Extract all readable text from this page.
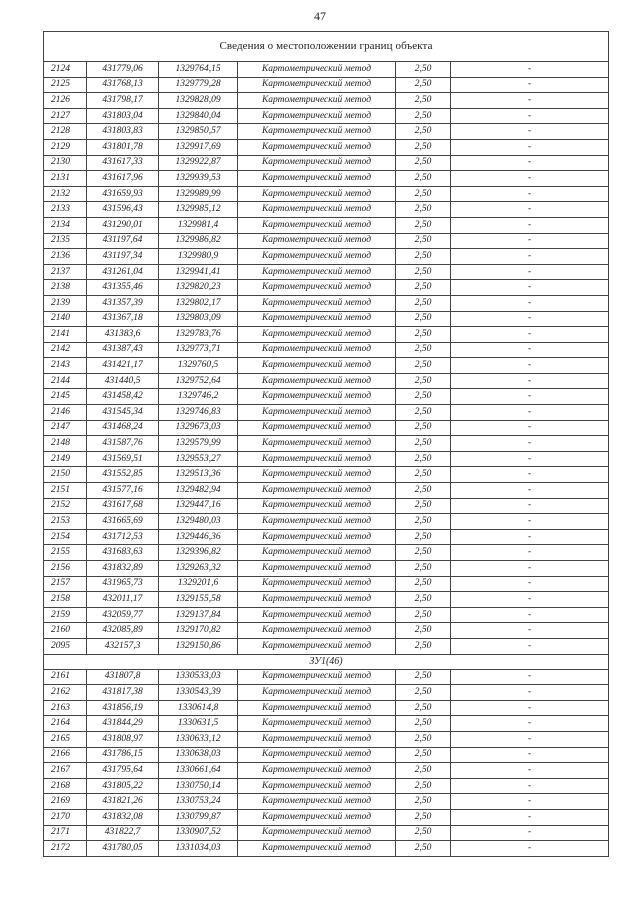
47
Сведения о местоположении границ объекта					
2124	431779,06	1329764,15	Картометрический метод	2,50	-
2125	431768,13	1329779,28	Картометрический метод	2,50	-
2126	431798,17	1329828,09	Картометрический метод	2,50	-
2127	431803,04	1329840,04	Картометрический метод	2,50	-
2128	431803,83	1329850,57	Картометрический метод	2,50	-
2129	431801,78	1329917,69	Картометрический метод	2,50	-
2130	431617,33	1329922,87	Картометрический метод	2,50	-
2131	431617,96	1329939,53	Картометрический метод	2,50	-
2132	431659,93	1329989,99	Картометрический метод	2,50	-
2133	431596,43	1329985,12	Картометрический метод	2,50	-
2134	431290,01	1329981,4	Картометрический метод	2,50	-
2135	431197,64	1329986,82	Картометрический метод	2,50	-
2136	431197,34	1329980,9	Картометрический метод	2,50	-
2137	431261,04	1329941,41	Картометрический метод	2,50	-
2138	431355,46	1329820,23	Картометрический метод	2,50	-
2139	431357,39	1329802,17	Картометрический метод	2,50	-
2140	431367,18	1329803,09	Картометрический метод	2,50	-
2141	431383,6	1329783,76	Картометрический метод	2,50	-
2142	431387,43	1329773,71	Картометрический метод	2,50	-
2143	431421,17	1329760,5	Картометрический метод	2,50	-
2144	431440,5	1329752,64	Картометрический метод	2,50	-
2145	431458,42	1329746,2	Картометрический метод	2,50	-
2146	431545,34	1329746,83	Картометрический метод	2,50	-
2147	431468,24	1329673,03	Картометрический метод	2,50	-
2148	431587,76	1329579,99	Картометрический метод	2,50	-
2149	431569,51	1329553,27	Картометрический метод	2,50	-
2150	431552,85	1329513,36	Картометрический метод	2,50	-
2151	431577,16	1329482,94	Картометрический метод	2,50	-
2152	431617,68	1329447,16	Картометрический метод	2,50	-
2153	431665,69	1329480,03	Картометрический метод	2,50	-
2154	431712,53	1329446,36	Картометрический метод	2,50	-
2155	431683,63	1329396,82	Картометрический метод	2,50	-
2156	431832,89	1329263,32	Картометрический метод	2,50	-
2157	431965,73	1329201,6	Картометрический метод	2,50	-
2158	432011,17	1329155,58	Картометрический метод	2,50	-
2159	432059,77	1329137,84	Картометрический метод	2,50	-
2160	432085,89	1329170,82	Картометрический метод	2,50	-
2095	432157,3	1329150,86	Картометрический метод	2,50	-
ЗУ1(46)					
2161	431807,8	1330533,03	Картометрический метод	2,50	-
2162	431817,38	1330543,39	Картометрический метод	2,50	-
2163	431856,19	1330614,8	Картометрический метод	2,50	-
2164	431844,29	1330631,5	Картометрический метод	2,50	-
2165	431808,97	1330633,12	Картометрический метод	2,50	-
2166	431786,15	1330638,03	Картометрический метод	2,50	-
2167	431795,64	1330661,64	Картометрический метод	2,50	-
2168	431805,22	1330750,14	Картометрический метод	2,50	-
2169	431821,26	1330753,24	Картометрический метод	2,50	-
2170	431832,08	1330799,87	Картометрический метод	2,50	-
2171	431822,7	1330907,52	Картометрический метод	2,50	-
2172	431780,05	1331034,03	Картометрический метод	2,50	-
